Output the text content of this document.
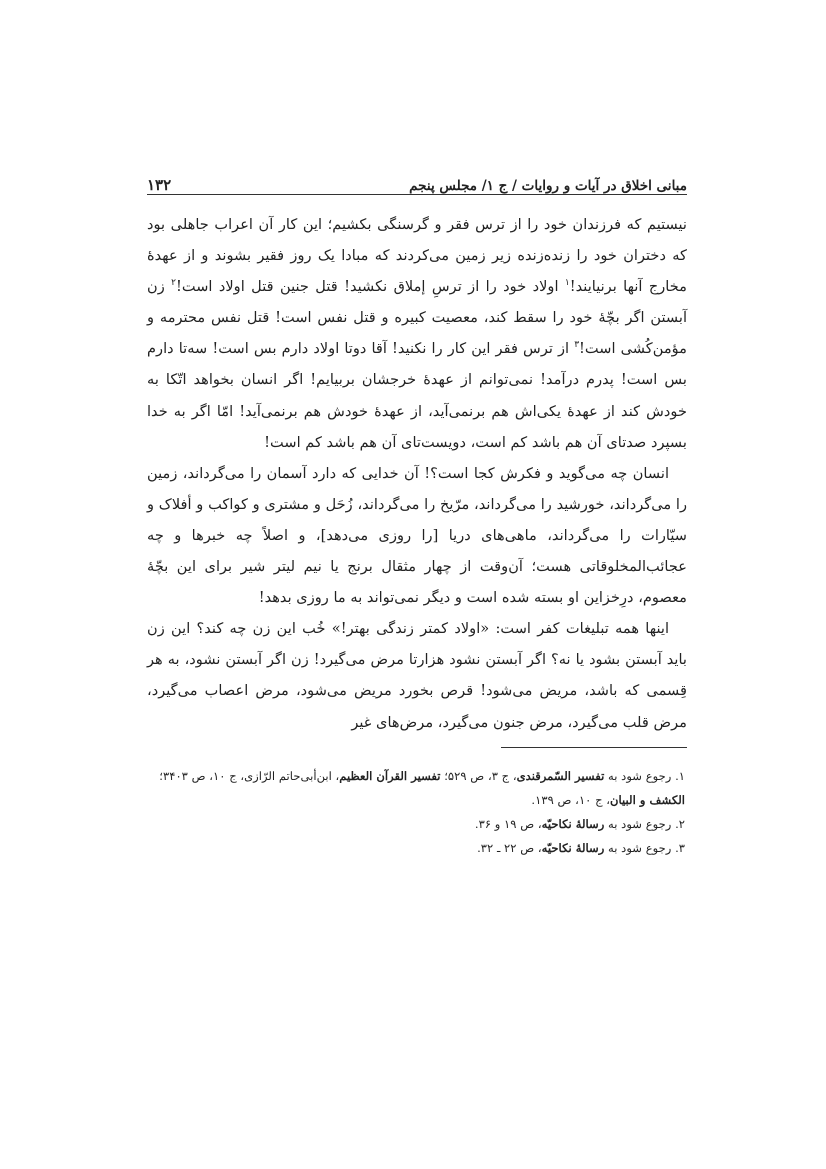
مبانی اخلاق در آیات و روایات / ج ۱/ مجلس پنجم
۱۳۲

نیستیم که فرزندان خود را از ترس فقر و گرسنگی بکشیم؛ این کار آن اعراب جاهلی بود که دختران خود را زنده‌زنده زیر زمین می‌کردند که مبادا یک روز فقیر بشوند و از عهدهٔ مخارج آنها برنیایند!$^۱$ اولاد خود را از ترسِ إملاق نکشید! قتل جنین قتل اولاد است!$^۲$ زن آبستن اگر بچّهٔ خود را سقط کند، معصیت کبیره و قتل نفس است! قتل نفس محترمه و مؤمن‌کُشی است!$^۳$ از ترس فقر این کار را نکنید! آقا دوتا اولاد دارم بس است! سه‌تا دارم بس است! پدرم درآمد! نمی‌توانم از عهدهٔ خرجشان بربیایم! اگر انسان بخواهد اتّکا به خودش کند از عهدهٔ یکی‌اش هم برنمی‌آید، از عهدهٔ خودش هم برنمی‌آید! امّا اگر به خدا بسپرد صدتای آن هم باشد کم است، دویست‌تای آن هم باشد کم است!

انسان چه می‌گوید و فکرش کجا است؟! آن خدایی که دارد آسمان را می‌گرداند، زمین را می‌گرداند، خورشید را می‌گرداند، مرّیخ را می‌گرداند، زُحَل و مشتری و کواکب و أفلاک و سیّارات را می‌گرداند، ماهی‌های دریا [را روزی می‌دهد]، و اصلاً چه خبرها و چه عجائب‌المخلوقاتی هست؛ آن‌وقت از چهار مثقال برنج یا نیم لیتر شیر برای این بچّهٔ معصوم، درِخزاین او بسته شده است و دیگر نمی‌تواند به ما روزی بدهد!

اینها همه تبلیغات کفر است: «اولاد کمتر زندگی بهتر!» خُب این زن چه کند؟ این زن باید آبستن بشود یا نه؟ اگر آبستن نشود هزارتا مرض می‌گیرد! زن اگر آبستن نشود، به هر قِسمی که باشد، مریض می‌شود! قرص بخورد مریض می‌شود، مرض اعصاب می‌گیرد، مرض قلب می‌گیرد، مرض جنون می‌گیرد، مرض‌های غیر

۱. رجوع شود به تفسیر السّمرقندی، ج ۳، ص ۵۲۹؛ تفسیر القرآن العظیم، ابن‌أبی‌حاتم الرّازی، ج ۱۰، ص ۳۴۰۳؛ الکشف و البیان، ج ۱۰، ص ۱۳۹.

۲. رجوع شود به رسالهٔ نکاحیّه، ص ۱۹ و ۳۶.

۳. رجوع شود به رسالهٔ نکاحیّه، ص ۲۲ ـ ۳۲.
